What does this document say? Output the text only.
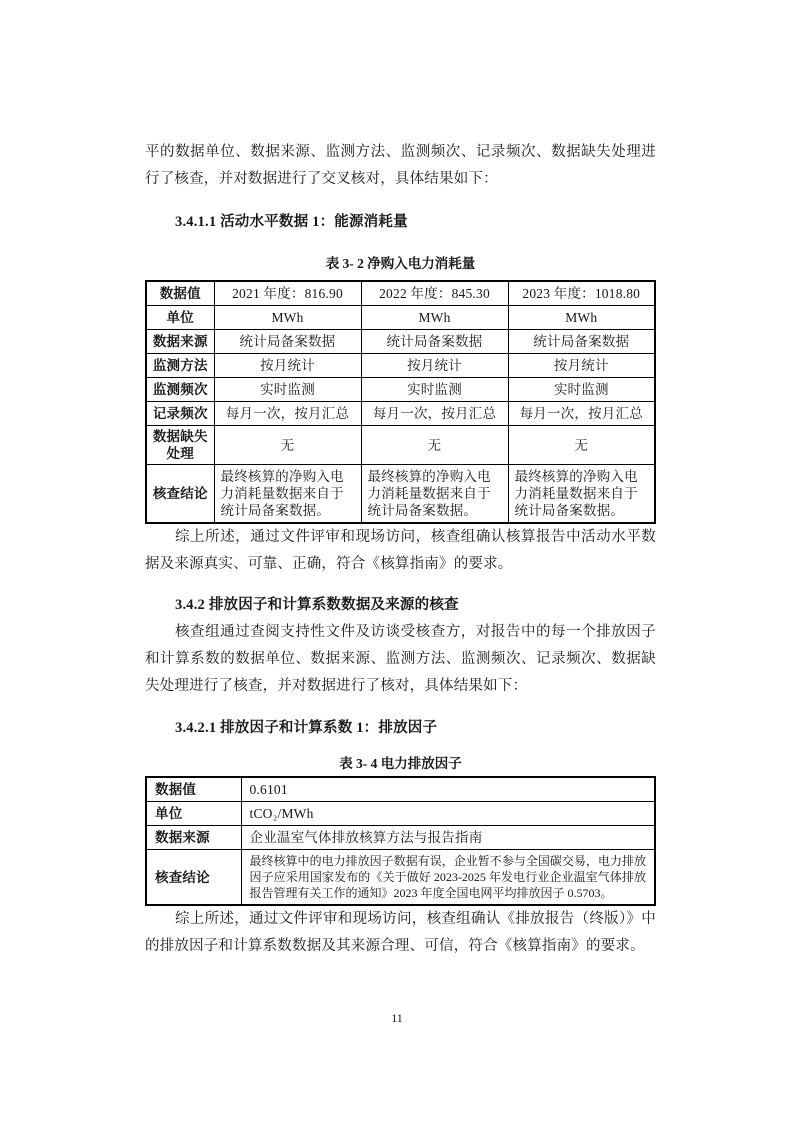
平的数据单位、数据来源、监测方法、监测频次、记录频次、数据缺失处理进行了核查，并对数据进行了交叉核对，具体结果如下：

3.4.1.1 活动水平数据 1：能源消耗量

表 3- 2 净购入电力消耗量
数据值	2021 年度：816.90	2022 年度：845.30	2023 年度：1018.80
单位	MWh	MWh	MWh
数据来源	统计局备案数据	统计局备案数据	统计局备案数据
监测方法	按月统计	按月统计	按月统计
监测频次	实时监测	实时监测	实时监测
记录频次	每月一次，按月汇总	每月一次，按月汇总	每月一次，按月汇总
数据缺失处理	无	无	无
核查结论	最终核算的净购入电力消耗量数据来自于统计局备案数据。	最终核算的净购入电力消耗量数据来自于统计局备案数据。	最终核算的净购入电力消耗量数据来自于统计局备案数据。

综上所述，通过文件评审和现场访问，核查组确认核算报告中活动水平数据及来源真实、可靠、正确，符合《核算指南》的要求。

3.4.2 排放因子和计算系数数据及来源的核查

核查组通过查阅支持性文件及访谈受核查方，对报告中的每一个排放因子和计算系数的数据单位、数据来源、监测方法、监测频次、记录频次、数据缺失处理进行了核查，并对数据进行了核对，具体结果如下：

3.4.2.1 排放因子和计算系数 1：排放因子

表 3- 4 电力排放因子
数据值	0.6101
单位	tCO₂/MWh
数据来源	企业温室气体排放核算方法与报告指南
核查结论	最终核算中的电力排放因子数据有误，企业暂不参与全国碳交易，电力排放因子应采用国家发布的《关于做好 2023-2025 年发电行业企业温室气体排放报告管理有关工作的通知》2023 年度全国电网平均排放因子 0.5703。

综上所述，通过文件评审和现场访问，核查组确认《排放报告（终版）》中的排放因子和计算系数数据及其来源合理、可信，符合《核算指南》的要求。

11
